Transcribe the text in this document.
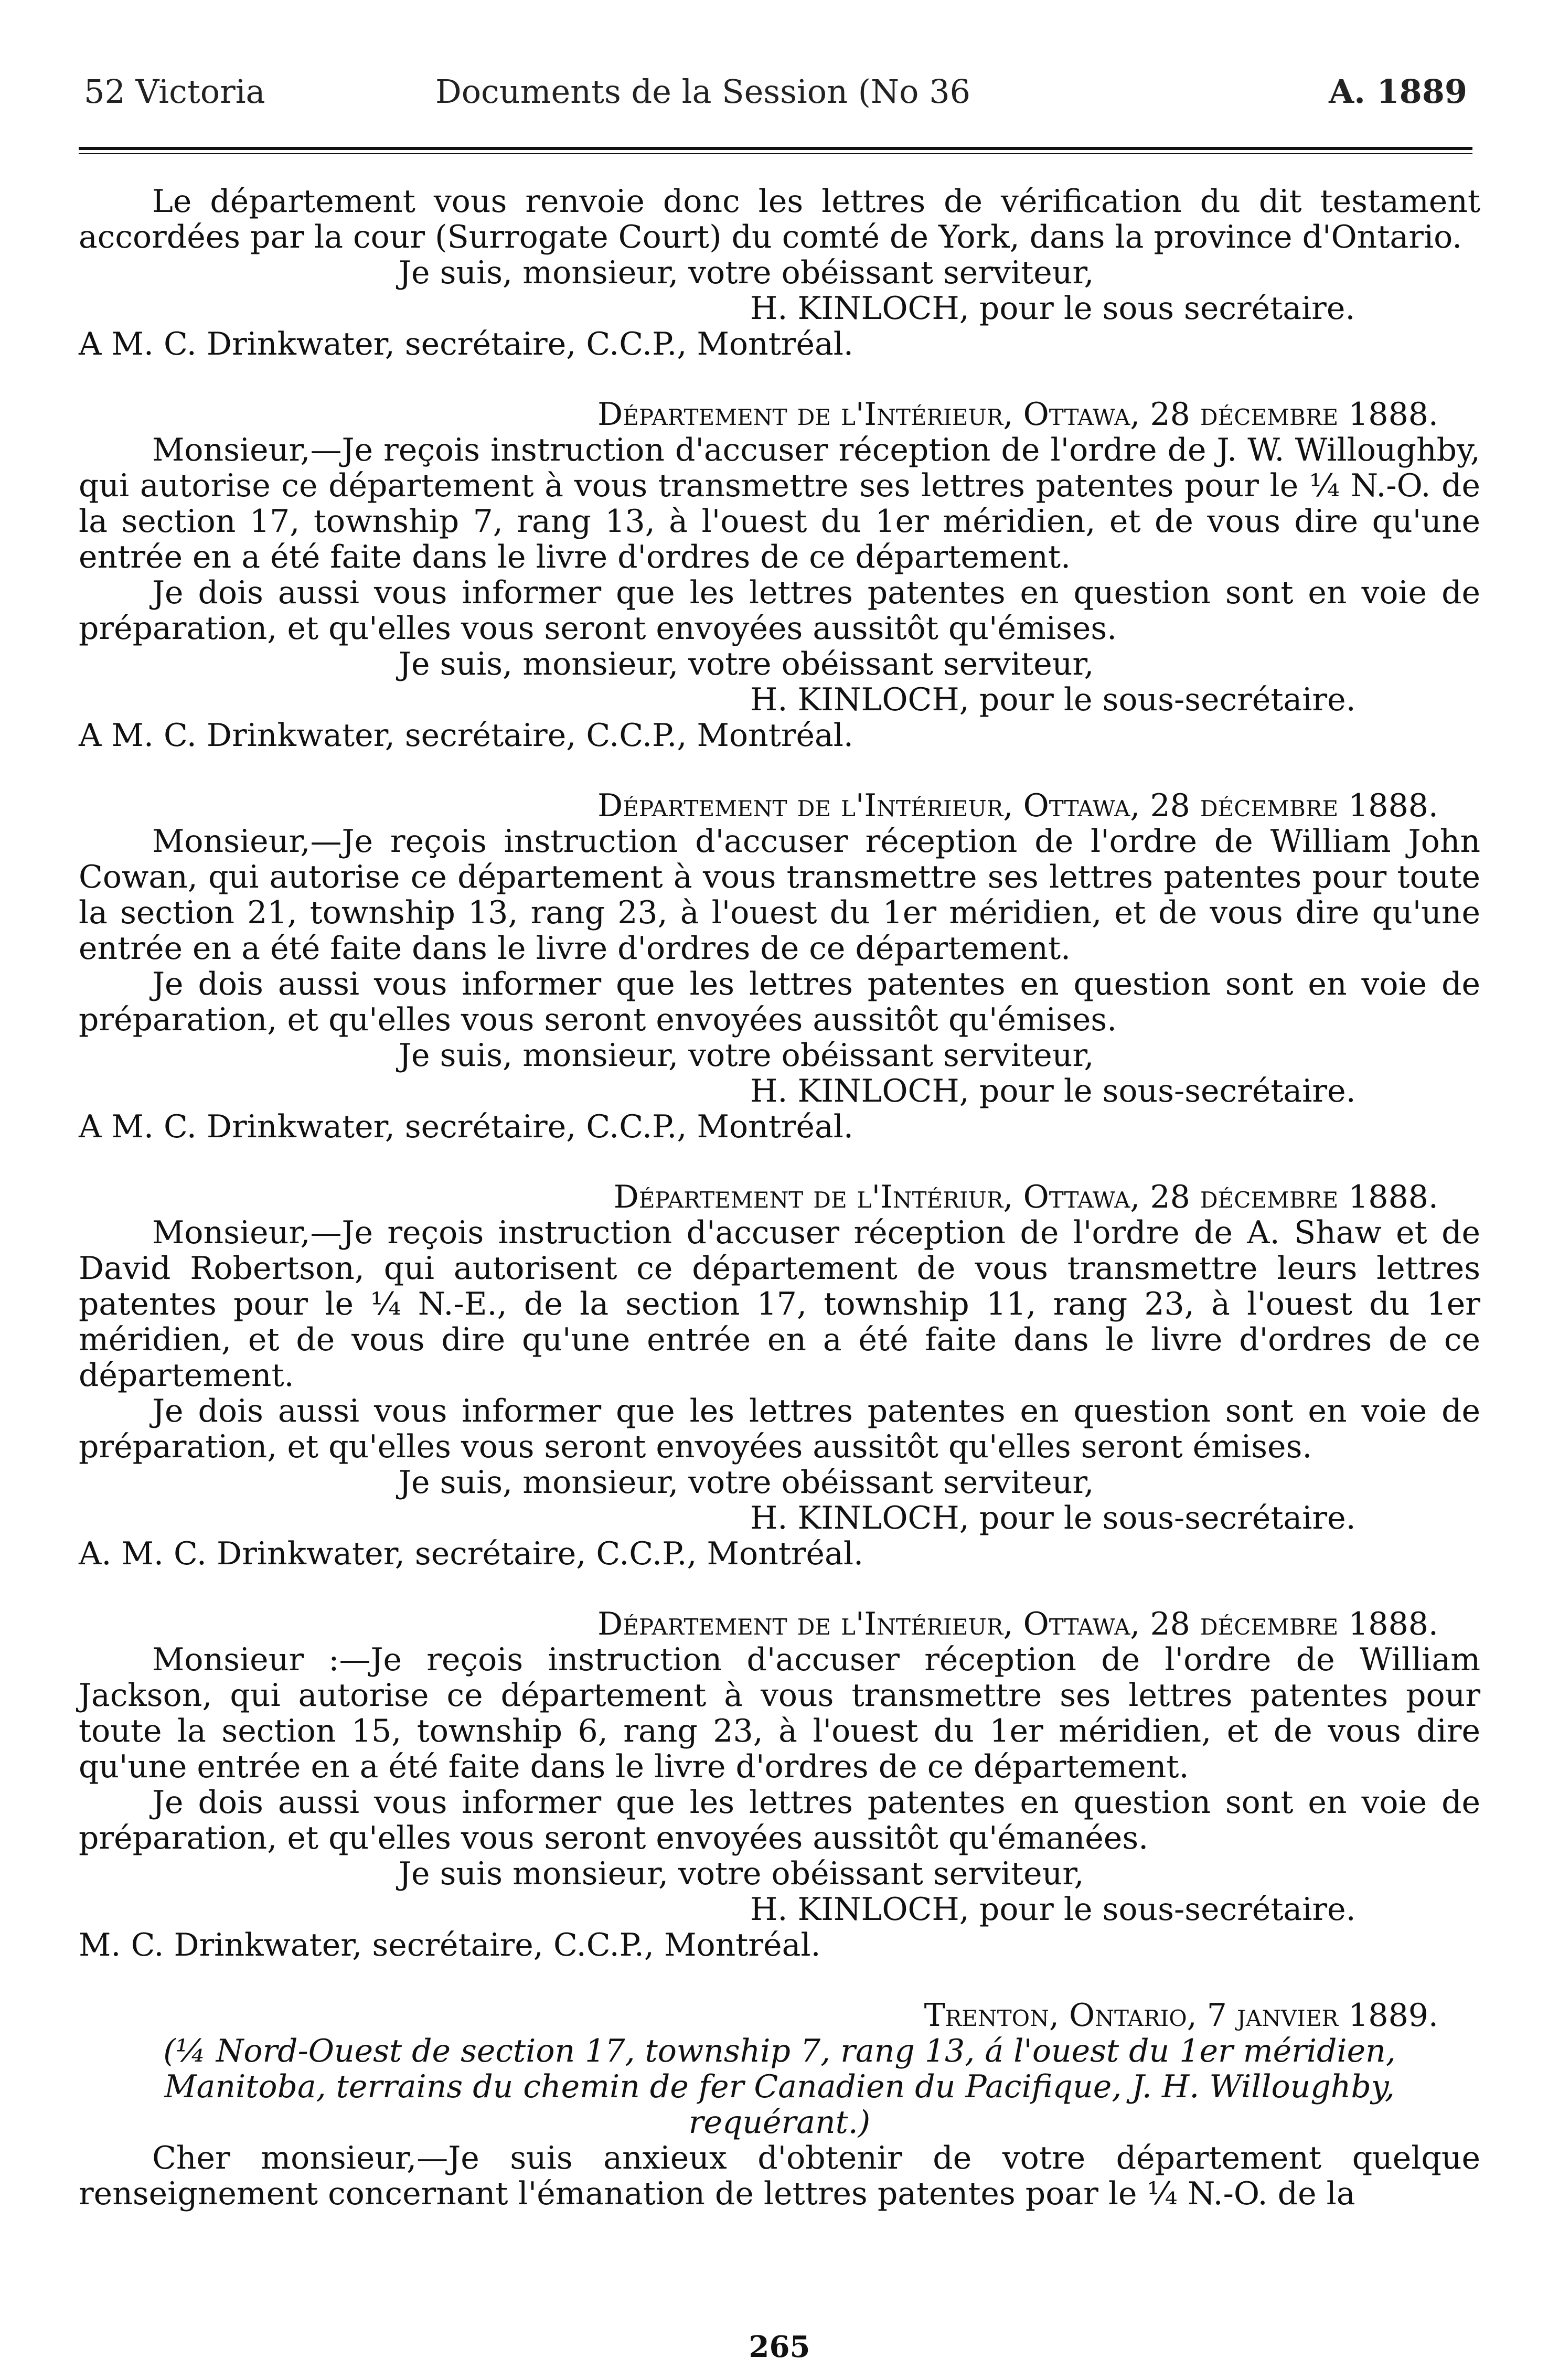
52 Victoria	Documents de la Session (No 36	A. 1889

Le département vous renvoie donc les lettres de vérification du dit testament accordées par la cour (Surrogate Court) du comté de York, dans la province d'Ontario.

Je suis, monsieur, votre obéissant serviteur,

H. KINLOCH, pour le sous secrétaire.

A M. C. Drinkwater, secrétaire, C.C.P., Montréal.

Département de l'Intérieur, Ottawa, 28 décembre 1888.

Monsieur,—Je reçois instruction d'accuser réception de l'ordre de J. W. Willoughby, qui autorise ce département à vous transmettre ses lettres patentes pour le ¼ N.-O. de la section 17, township 7, rang 13, à l'ouest du 1er méridien, et de vous dire qu'une entrée en a été faite dans le livre d'ordres de ce département.

Je dois aussi vous informer que les lettres patentes en question sont en voie de préparation, et qu'elles vous seront envoyées aussitôt qu'émises.

Je suis, monsieur, votre obéissant serviteur,

H. KINLOCH, pour le sous-secrétaire.

A M. C. Drinkwater, secrétaire, C.C.P., Montréal.

Département de l'Intérieur, Ottawa, 28 décembre 1888.

Monsieur,—Je reçois instruction d'accuser réception de l'ordre de William John Cowan, qui autorise ce département à vous transmettre ses lettres patentes pour toute la section 21, township 13, rang 23, à l'ouest du 1er méridien, et de vous dire qu'une entrée en a été faite dans le livre d'ordres de ce département.

Je dois aussi vous informer que les lettres patentes en question sont en voie de préparation, et qu'elles vous seront envoyées aussitôt qu'émises.

Je suis, monsieur, votre obéissant serviteur,

H. KINLOCH, pour le sous-secrétaire.

A M. C. Drinkwater, secrétaire, C.C.P., Montréal.

Département de l'Intériur, Ottawa, 28 décembre 1888.

Monsieur,—Je reçois instruction d'accuser réception de l'ordre de A. Shaw et de David Robertson, qui autorisent ce département de vous transmettre leurs lettres patentes pour le ¼ N.-E., de la section 17, township 11, rang 23, à l'ouest du 1er méridien, et de vous dire qu'une entrée en a été faite dans le livre d'ordres de ce département.

Je dois aussi vous informer que les lettres patentes en question sont en voie de préparation, et qu'elles vous seront envoyées aussitôt qu'elles seront émises.

Je suis, monsieur, votre obéissant serviteur,

H. KINLOCH, pour le sous-secrétaire.

A. M. C. Drinkwater, secrétaire, C.C.P., Montréal.

Département de l'Intérieur, Ottawa, 28 décembre 1888.

Monsieur :—Je reçois instruction d'accuser réception de l'ordre de William Jackson, qui autorise ce département à vous transmettre ses lettres patentes pour toute la section 15, township 6, rang 23, à l'ouest du 1er méridien, et de vous dire qu'une entrée en a été faite dans le livre d'ordres de ce département.

Je dois aussi vous informer que les lettres patentes en question sont en voie de préparation, et qu'elles vous seront envoyées aussitôt qu'émanées.

Je suis monsieur, votre obéissant serviteur,

H. KINLOCH, pour le sous-secrétaire.

M. C. Drinkwater, secrétaire, C.C.P., Montréal.

Trenton, Ontario, 7 janvier 1889.

(¼ Nord-Ouest de section 17, township 7, rang 13, á l'ouest du 1er méridien, Manitoba, terrains du chemin de fer Canadien du Pacifique, J. H. Willoughby, requérant.)

Cher monsieur,—Je suis anxieux d'obtenir de votre département quelque renseignement concernant l'émanation de lettres patentes poar le ¼ N.-O. de la

265
